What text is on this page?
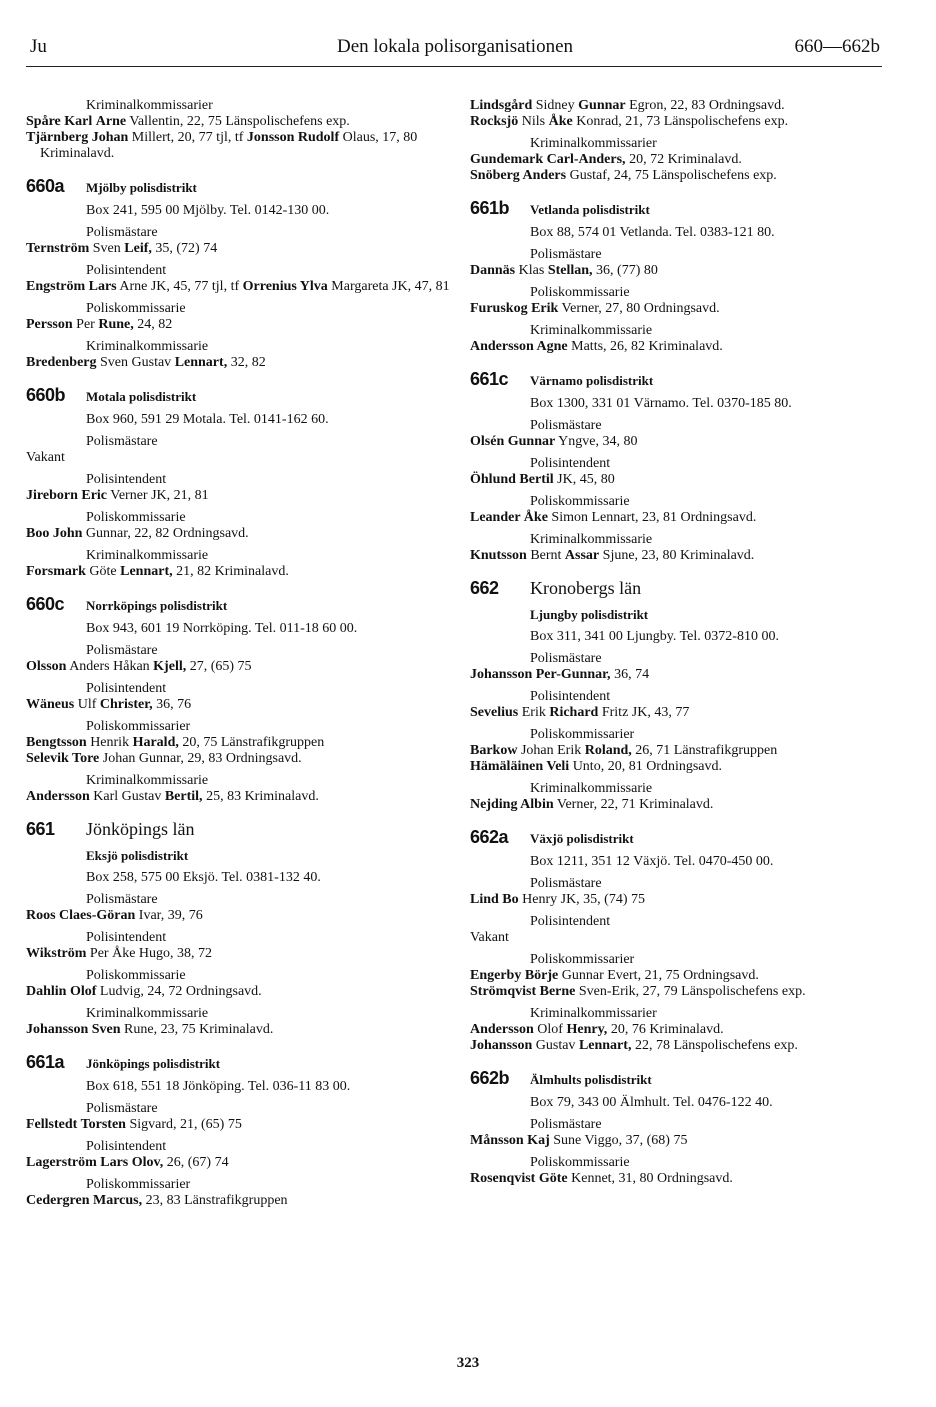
Ju	Den lokala polisorganisationen	660—662b
Kriminalkommissarier
Spåre Karl Arne Vallentin, 22, 75 Länspolischefens exp.
Tjärnberg Johan Millert, 20, 77 tjl, tf Jonsson Rudolf Olaus, 17, 80 Kriminalavd.
660a	Mjölby polisdistrikt
Box 241, 595 00 Mjölby. Tel. 0142-130 00.
Polismästare
Ternström Sven Leif, 35, (72) 74
Polisintendent
Engström Lars Arne JK, 45, 77 tjl, tf Orrenius Ylva Margareta JK, 47, 81
Poliskommissarie
Persson Per Rune, 24, 82
Kriminalkommissarie
Bredenberg Sven Gustav Lennart, 32, 82
660b	Motala polisdistrikt
Box 960, 591 29 Motala. Tel. 0141-162 60.
Polismästare
Vakant
Polisintendent
Jireborn Eric Verner JK, 21, 81
Poliskommissarie
Boo John Gunnar, 22, 82 Ordningsavd.
Kriminalkommissarie
Forsmark Göte Lennart, 21, 82 Kriminalavd.
660c	Norrköpings polisdistrikt
Box 943, 601 19 Norrköping. Tel. 011-18 60 00.
Polismästare
Olsson Anders Håkan Kjell, 27, (65) 75
Polisintendent
Wäneus Ulf Christer, 36, 76
Poliskommissarier
Bengtsson Henrik Harald, 20, 75 Länstrafikgruppen
Selevik Tore Johan Gunnar, 29, 83 Ordningsavd.
Kriminalkommissarie
Andersson Karl Gustav Bertil, 25, 83 Kriminalavd.
661	Jönköpings län
Eksjö polisdistrikt
Box 258, 575 00 Eksjö. Tel. 0381-132 40.
Polismästare
Roos Claes-Göran Ivar, 39, 76
Polisintendent
Wikström Per Åke Hugo, 38, 72
Poliskommissarie
Dahlin Olof Ludvig, 24, 72 Ordningsavd.
Kriminalkommissarie
Johansson Sven Rune, 23, 75 Kriminalavd.
661a	Jönköpings polisdistrikt
Box 618, 551 18 Jönköping. Tel. 036-11 83 00.
Polismästare
Fellstedt Torsten Sigvard, 21, (65) 75
Polisintendent
Lagerström Lars Olov, 26, (67) 74
Poliskommissarier
Cedergren Marcus, 23, 83 Länstrafikgruppen
Lindsgård Sidney Gunnar Egron, 22, 83 Ordningsavd.
Rocksjö Nils Åke Konrad, 21, 73 Länspolischefens exp.
Kriminalkommissarier
Gundemark Carl-Anders, 20, 72 Kriminalavd.
Snöberg Anders Gustaf, 24, 75 Länspolischefens exp.
661b	Vetlanda polisdistrikt
Box 88, 574 01 Vetlanda. Tel. 0383-121 80.
Polismästare
Dannäs Klas Stellan, 36, (77) 80
Poliskommissarie
Furuskog Erik Verner, 27, 80 Ordningsavd.
Kriminalkommissarie
Andersson Agne Matts, 26, 82 Kriminalavd.
661c	Värnamo polisdistrikt
Box 1300, 331 01 Värnamo. Tel. 0370-185 80.
Polismästare
Olsén Gunnar Yngve, 34, 80
Polisintendent
Öhlund Bertil JK, 45, 80
Poliskommissarie
Leander Åke Simon Lennart, 23, 81 Ordningsavd.
Kriminalkommissarie
Knutsson Bernt Assar Sjune, 23, 80 Kriminalavd.
662	Kronobergs län
Ljungby polisdistrikt
Box 311, 341 00 Ljungby. Tel. 0372-810 00.
Polismästare
Johansson Per-Gunnar, 36, 74
Polisintendent
Sevelius Erik Richard Fritz JK, 43, 77
Poliskommissarier
Barkow Johan Erik Roland, 26, 71 Länstrafikgruppen
Hämäläinen Veli Unto, 20, 81 Ordningsavd.
Kriminalkommissarie
Nejding Albin Verner, 22, 71 Kriminalavd.
662a	Växjö polisdistrikt
Box 1211, 351 12 Växjö. Tel. 0470-450 00.
Polismästare
Lind Bo Henry JK, 35, (74) 75
Polisintendent
Vakant
Poliskommissarier
Engerby Börje Gunnar Evert, 21, 75 Ordningsavd.
Strömqvist Berne Sven-Erik, 27, 79 Länspolischefens exp.
Kriminalkommissarier
Andersson Olof Henry, 20, 76 Kriminalavd.
Johansson Gustav Lennart, 22, 78 Länspolischefens exp.
662b	Älmhults polisdistrikt
Box 79, 343 00 Älmhult. Tel. 0476-122 40.
Polismästare
Månsson Kaj Sune Viggo, 37, (68) 75
Poliskommissarie
Rosenqvist Göte Kennet, 31, 80 Ordningsavd.
323
